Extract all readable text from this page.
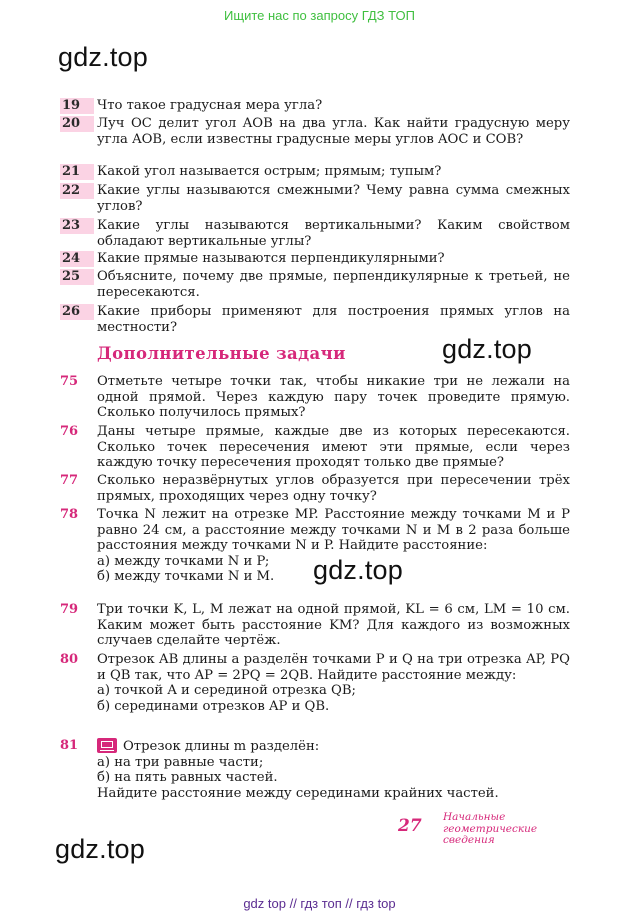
Ищите нас по запросу ГДЗ ТОП
gdz.top
gdz.top
gdz.top
gdz.top
19	Что такое градусная мера угла?
20	Луч OC делит угол AOB на два угла. Как найти градусную меру угла AOB, если известны градусные меры углов AOC и COB?
21	Какой угол называется острым; прямым; тупым?
22	Какие углы называются смежными? Чему равна сумма смежных углов?
23	Какие углы называются вертикальными? Каким свойством обладают вертикальные углы?
24	Какие прямые называются перпендикулярными?
25	Объясните, почему две прямые, перпендикулярные к третьей, не пересекаются.
26	Какие приборы применяют для построения прямых углов на местности?
Дополнительные задачи
75	Отметьте четыре точки так, чтобы никакие три не лежали на одной прямой. Через каждую пару точек проведите прямую. Сколько получилось прямых?
76	Даны четыре прямые, каждые две из которых пересекаются. Сколько точек пересечения имеют эти прямые, если через каждую точку пересечения проходят только две прямые?
77	Сколько неразвёрнутых углов образуется при пересечении трёх прямых, проходящих через одну точку?
78	Точка N лежит на отрезке MP. Расстояние между точками M и P равно 24 см, а расстояние между точками N и M в 2 раза больше расстояния между точками N и P. Найдите расстояние:
а) между точками N и P;
б) между точками N и M.
79	Три точки K, L, M лежат на одной прямой, KL = 6 см, LM = 10 см. Каким может быть расстояние KM? Для каждого из возможных случаев сделайте чертёж.
80	Отрезок AB длины a разделён точками P и Q на три отрезка AP, PQ и QB так, что AP = 2PQ = 2QB. Найдите расстояние между:
а) точкой A и серединой отрезка QB;
б) серединами отрезков AP и QB.
81	Отрезок длины m разделён:
а) на три равные части;
б) на пять равных частей.
Найдите расстояние между серединами крайних частей.
27 Начальные геометрические сведения
gdz top // гдз топ // гдз top
